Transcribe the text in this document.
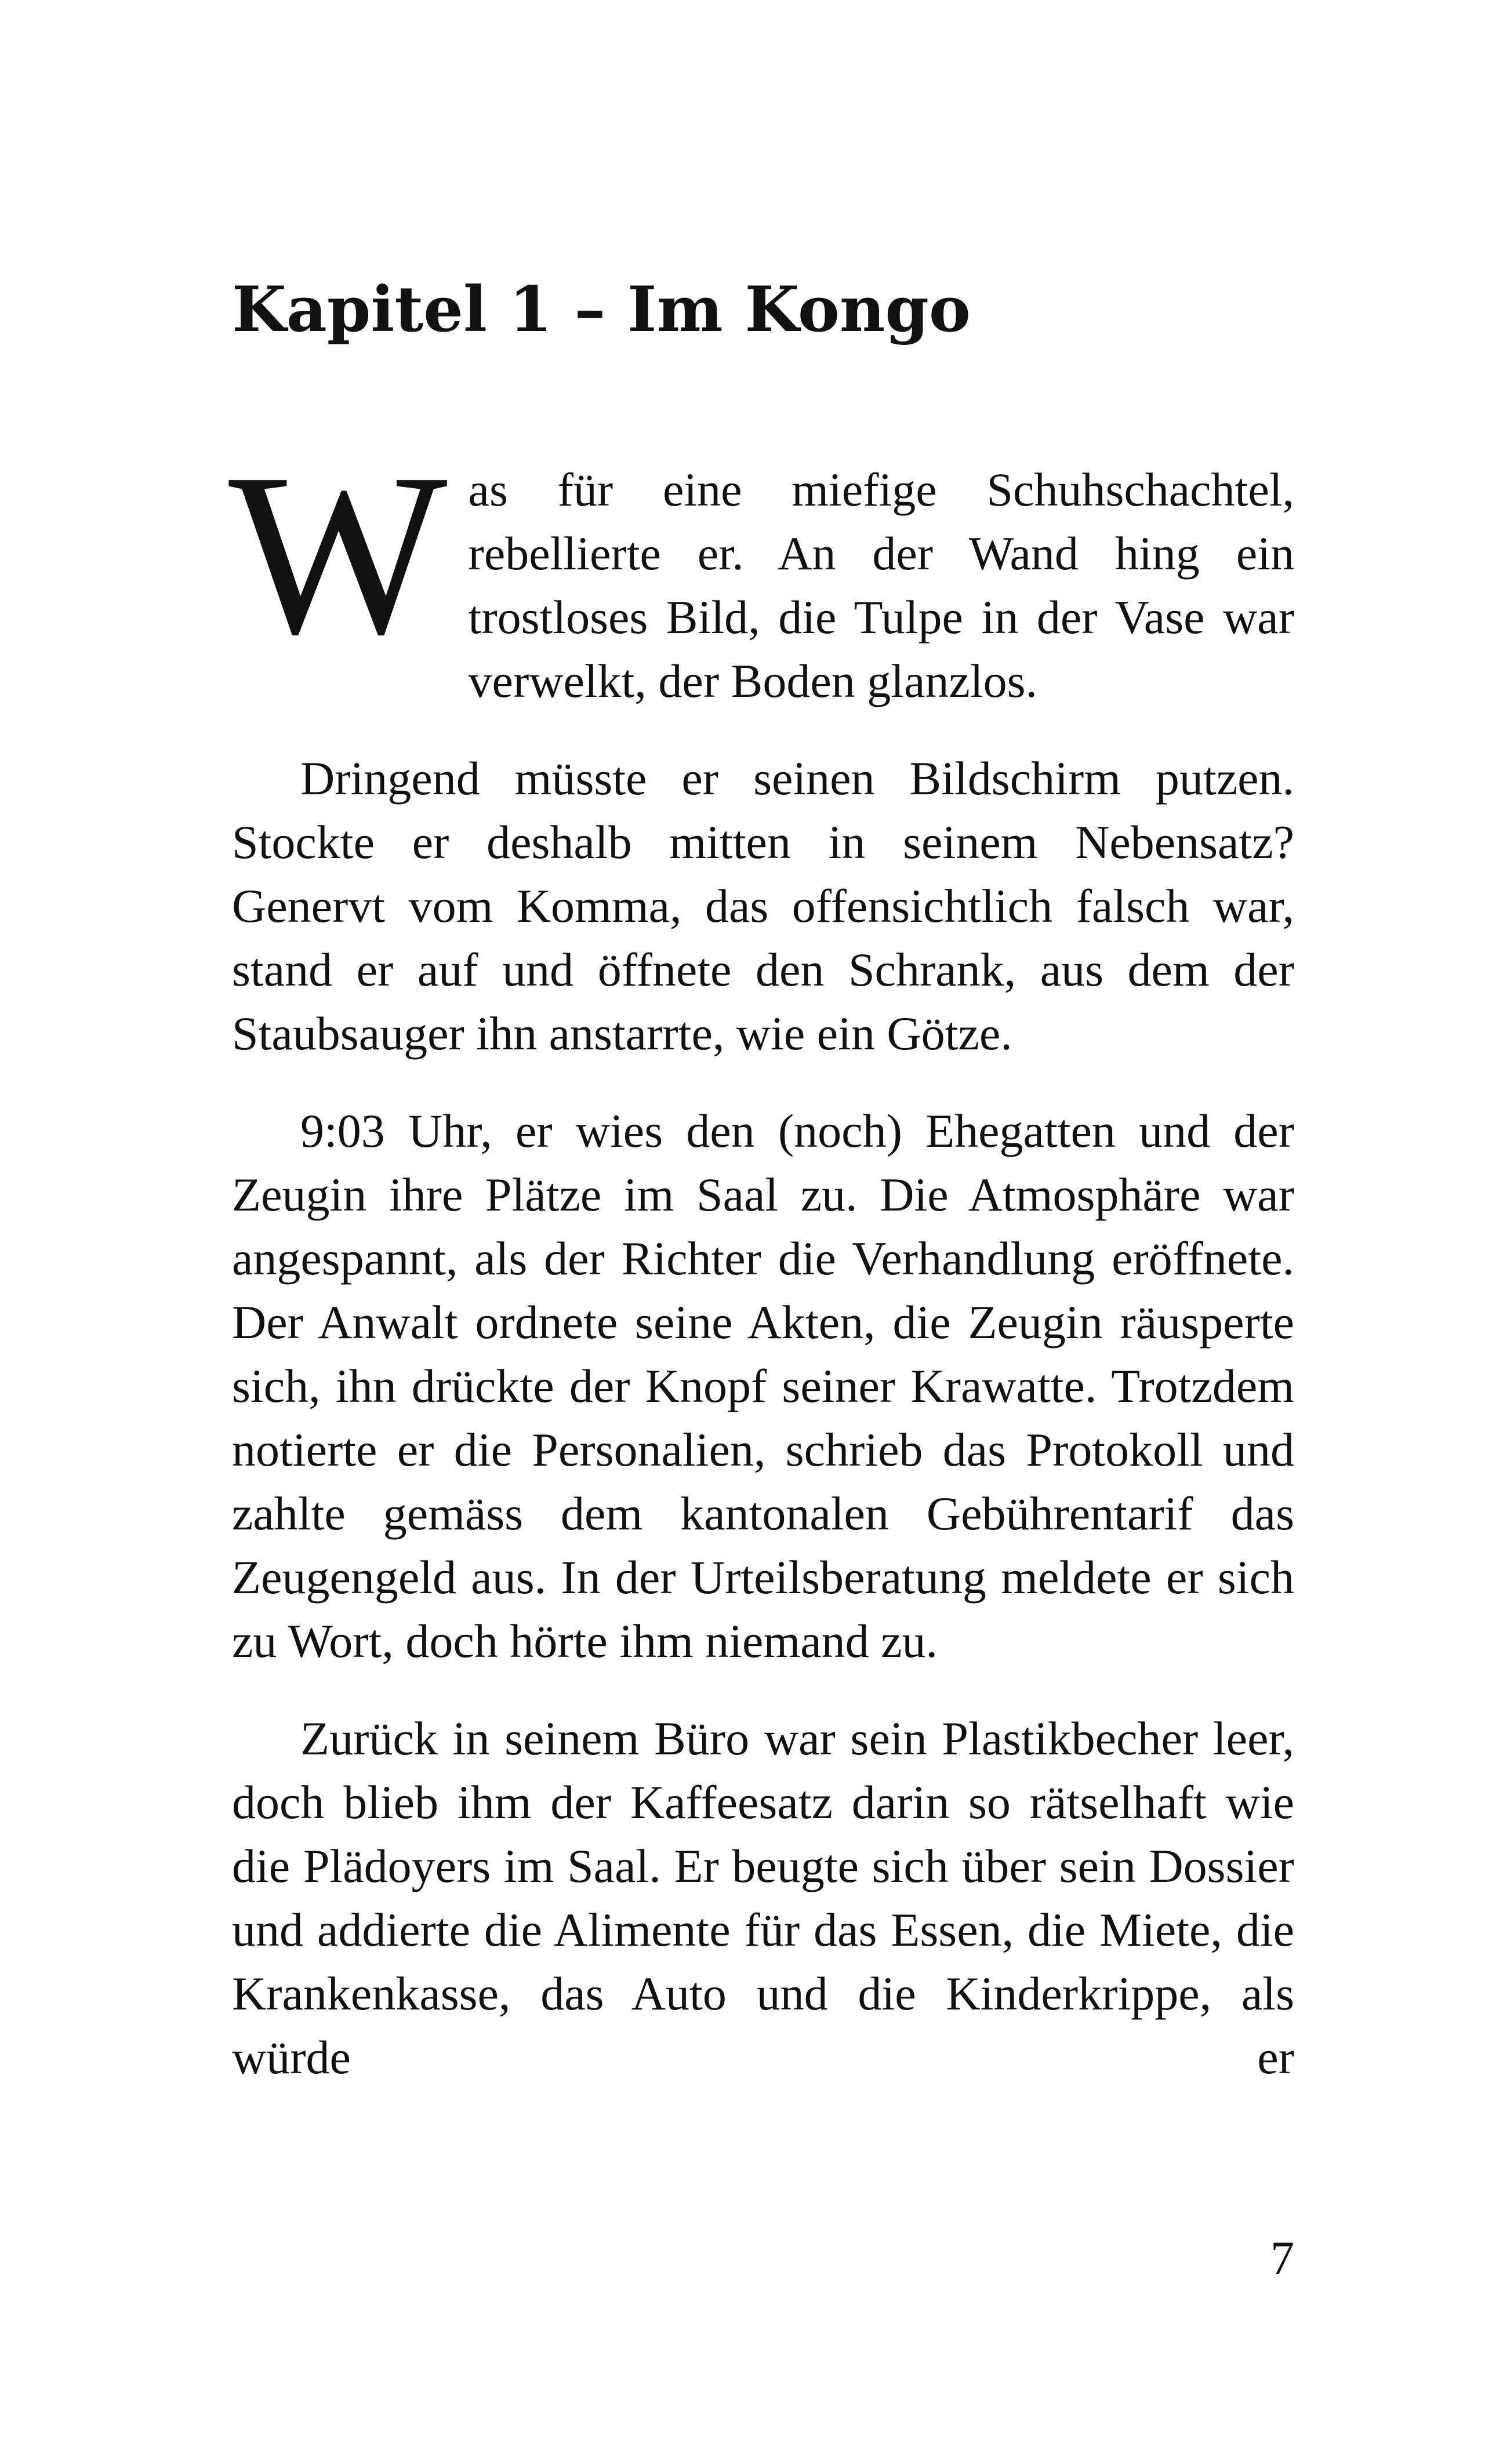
Kapitel 1 – Im Kongo

Was für eine miefige Schuhschachtel, rebellierte er. An der Wand hing ein trostloses Bild, die Tulpe in der Vase war verwelkt, der Boden glanzlos.

Dringend müsste er seinen Bildschirm putzen. Stockte er deshalb mitten in seinem Nebensatz? Genervt vom Komma, das offensichtlich falsch war, stand er auf und öffnete den Schrank, aus dem der Staubsauger ihn anstarrte, wie ein Götze.

9:03 Uhr, er wies den (noch) Ehegatten und der Zeugin ihre Plätze im Saal zu. Die Atmosphäre war angespannt, als der Richter die Verhandlung eröffnete. Der Anwalt ordnete seine Akten, die Zeugin räusperte sich, ihn drückte der Knopf seiner Krawatte. Trotzdem notierte er die Personalien, schrieb das Protokoll und zahlte gemäss dem kantonalen Gebührentarif das Zeugengeld aus. In der Urteilsberatung meldete er sich zu Wort, doch hörte ihm niemand zu.

Zurück in seinem Büro war sein Plastikbecher leer, doch blieb ihm der Kaffeesatz darin so rätselhaft wie die Plädoyers im Saal. Er beugte sich über sein Dossier und addierte die Alimente für das Essen, die Miete, die Krankenkasse, das Auto und die Kinderkrippe, als würde er

7
